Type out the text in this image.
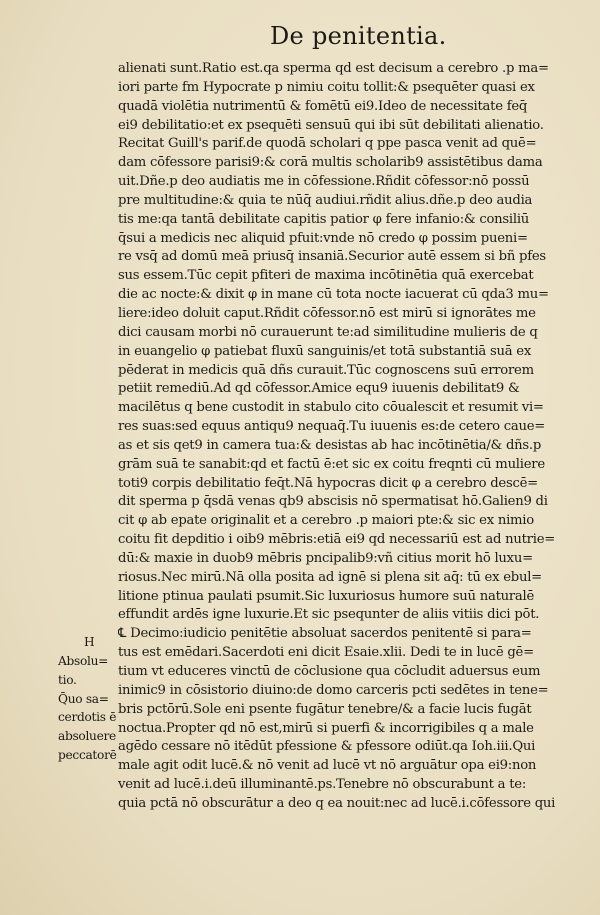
De penitentia.
alienati sunt.Ratio est.qa sperma qd est decisum a cerebro .p ma=
iori parte fm Hypocrate p nimiu coitu tollit:& psequēter quasi ex
quadā violētia nutrimentū & fomētū ei9.Ideo de necessitate feq̄
ei9 debilitatio:et ex psequēti sensuū qui ibi sūt debilitati alienatio.
Recitat Guill's parif.de quodā scholari q ppe pasca venit ad quē=
dam cōfessore parisi9:& corā multis scholarib9 assistētibus dama
uit.Dñe.p deo audiatis me in cōfessione.Rñdit cōfessor:nō possū
pre multitudine:& quia te nūq̄ audiui.rñdit alius.dñe.p deo audia
tis me:qa tantā debilitate capitis patior φ fere infanio:& consiliū
q̄sui a medicis nec aliquid pfuit:vnde nō credo φ possim pueni=
re vsq̄ ad domū meā priusq̄ insaniā.Securior autē essem si bñ pfes
sus essem.Tūc cepit pfiteri de maxima incōtinētia quā exercebat
die ac nocte:& dixit φ in mane cū tota nocte iacuerat cū qda3 mu=
liere:ideo doluit caput.Rñdit cōfessor.nō est mirū si ignorātes me
dici causam morbi nō curauerunt te:ad similitudine mulieris de q
in euangelio φ patiebat̄ fluxū sanguinis/et totā substantiā suā ex
pēderat in medicis quā dñs curauit.Tūc cognoscens suū errorem
petiit remediū.Ad qd̄ cōfessor.Amice equ9 iuuenis debilitat9 &
macilētus q bene custodit in stabulo cito cōualescit et resumit vi=
res suas:sed equus antiqu9 nequaq̄.Tu iuuenis es:de cetero caue=
as et sis qet9 in camera tua:& desistas ab hac incōtinētia/& dñs.p
grām suā te sanabit:qd et factū ē:et sic ex coitu freqnti cū muliere
toti9 corpis debilitatio feq̄t.Nā hypocras dicit φ a cerebro descē=
dit sperma p q̄sdā venas qb9 abscisis nō spermatisat hō.Galien9 di
cit φ ab epate originalit̄ et a cerebro .p maiori pte:& sic ex nimio
coitu fit depditio i oib9 mēbris:etiā ei9 qd necessariū est ad nutrie=
dū:& maxie in duob9 mēbris pncipalib9:vñ citius morit̄ hō luxu=
riosus.Nec mirū.Nā olla posita ad ignē si plena sit aq̄: tū ex ebul=
litione ptinua paulati psumit̄.Sic luxuriosus humore suū naturalē
effundit ardēs igne luxurie.Et sic psequnter de aliis vitiis dici pōt.
℄ Decimo:iudicio penitētie absoluat sacerdos penitentē si para=
tus est emēdari.Sacerdoti eni dicit̄ Esaie.xlii. Dedi te in lucē gē=
tium vt educeres vinctū de cōclusione qua cōcludit aduersus eum
inimic9 in cōsistorio diuino:de domo carceris pcti sedētes in tene=
bris pctōrū.Sole eni psente fugātur tenebre/& a facie lucis fugāt̄
noctua.Propter qd nō est,mirū si puerfi & incorrigibiles q a male
agēdo cessare nō itēdūt pfessione & pfessore odiūt.qa Ioh.iii.Qui
male agit odit lucē.& nō venit ad lucē vt nō arguātur opa ei9:non
venit ad lucē.i.deū illuminantē.ps.Tenebre nō obscurabunt̄ a te:
quia pctā nō obscurātur a deo q ea nouit:nec ad lucē.i.cōfessore qui
H
Absolu=
tio.
Q̄uo sa=
cerdotis ē
absoluere
peccatorē
